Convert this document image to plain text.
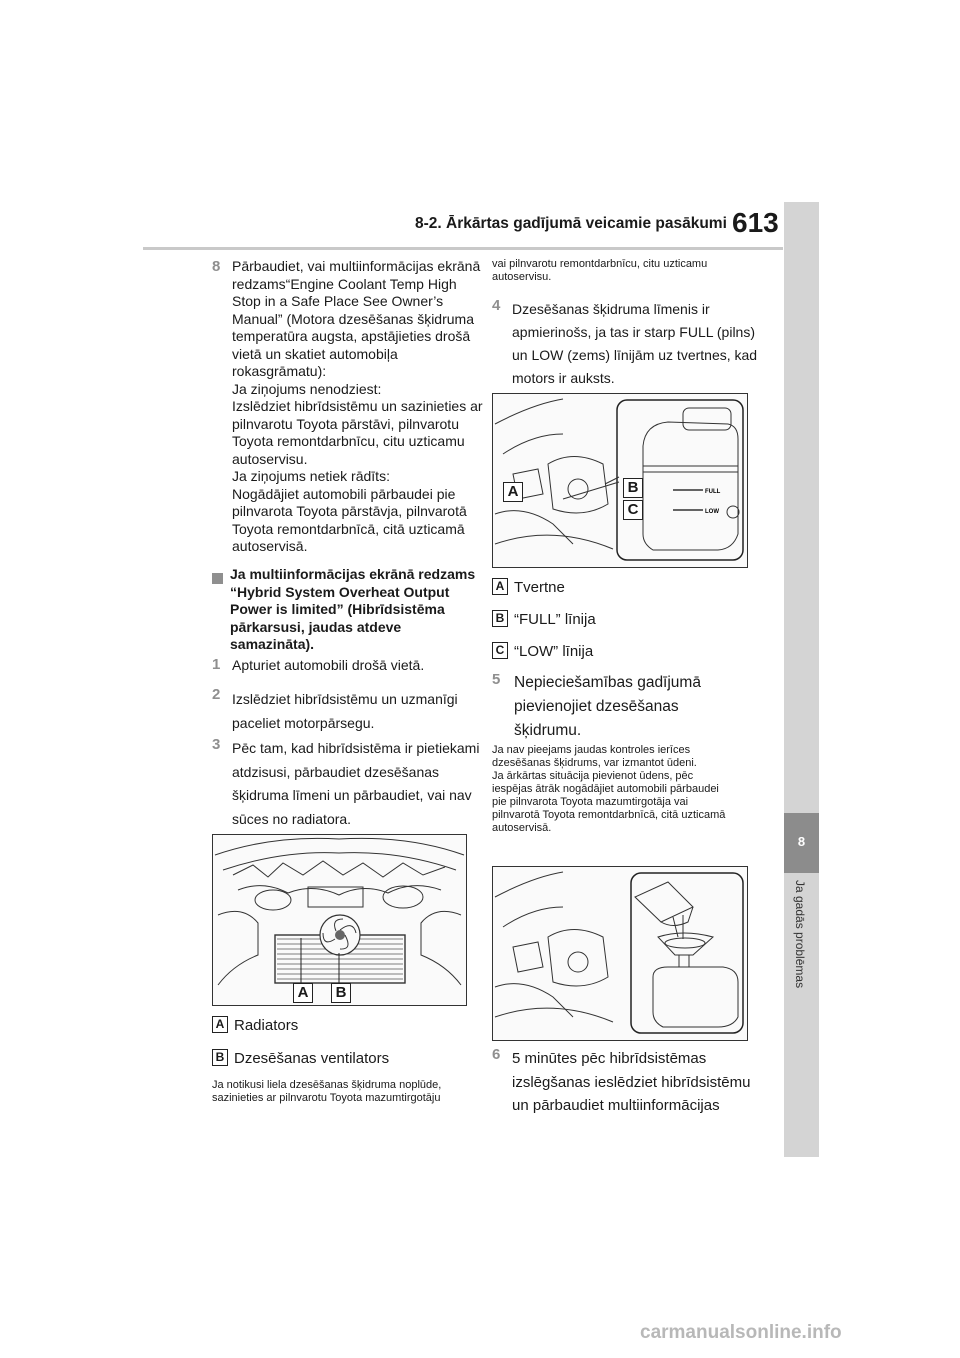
8-2. Ārkārtas gadījumā veicamie pasākumi 613
8
Ja gadās problēmas
8 Pārbaudiet, vai multiinformācijas ekrānā
redzams“Engine Coolant Temp High
Stop in a Safe Place See Owner’s
Manual” (Motora dzesēšanas šķidruma
temperatūra augsta, apstājieties drošā
vietā un skatiet automobiļa
rokasgrāmatu):
Ja ziņojums nenodziest:
Izslēdziet hibrīdsistēmu un sazinieties ar
pilnvarotu Toyota pārstāvi, pilnvarotu
Toyota remontdarbnīcu, citu uzticamu
autoservisu.
Ja ziņojums netiek rādīts:
Nogādājiet automobili pārbaudei pie
pilnvarota Toyota pārstāvja, pilnvarotā
Toyota remontdarbnīcā, citā uzticamā
autoservisā.
Ja multiinformācijas ekrānā redzams
“Hybrid System Overheat Output
Power is limited” (Hibrīdsistēma
pārkarsusi, jaudas atdeve
samazināta).
1 Apturiet automobili drošā vietā.
2 Izslēdziet hibrīdsistēmu un uzmanīgi
paceliet motorpārsegu.
3 Pēc tam, kad hibrīdsistēma ir pietiekami
atdzisusi, pārbaudiet dzesēšanas
šķidruma līmeni un pārbaudiet, vai nav
sūces no radiatora.
A	B
A Radiators
B Dzesēšanas ventilators
Ja notikusi liela dzesēšanas šķidruma noplūde,
sazinieties ar pilnvarotu Toyota mazumtirgotāju
vai pilnvarotu remontdarbnīcu, citu uzticamu
autoservisu.
4 Dzesēšanas šķidruma līmenis ir
apmierinošs, ja tas ir starp FULL (pilns)
un LOW (zems) līnijām uz tvertnes, kad
motors ir auksts.
FULL
LOW
A	B
C
A Tvertne
B “FULL” līnija
C “LOW” līnija
5 Nepieciešamības gadījumā
pievienojiet dzesēšanas
šķidrumu.
Ja nav pieejams jaudas kontroles ierīces
dzesēšanas šķidrums, var izmantot ūdeni.
Ja ārkārtas situācija pievienot ūdens, pēc
iespējas ātrāk nogādājiet automobili pārbaudei
pie pilnvarota Toyota mazumtirgotāja vai
pilnvarotā Toyota remontdarbnīcā, citā uzticamā
autoservisā.
6 5 minūtes pēc hibrīdsistēmas
izslēgšanas ieslēdziet hibrīdsistēmu
un pārbaudiet multiinformācijas
carmanualsonline.info
